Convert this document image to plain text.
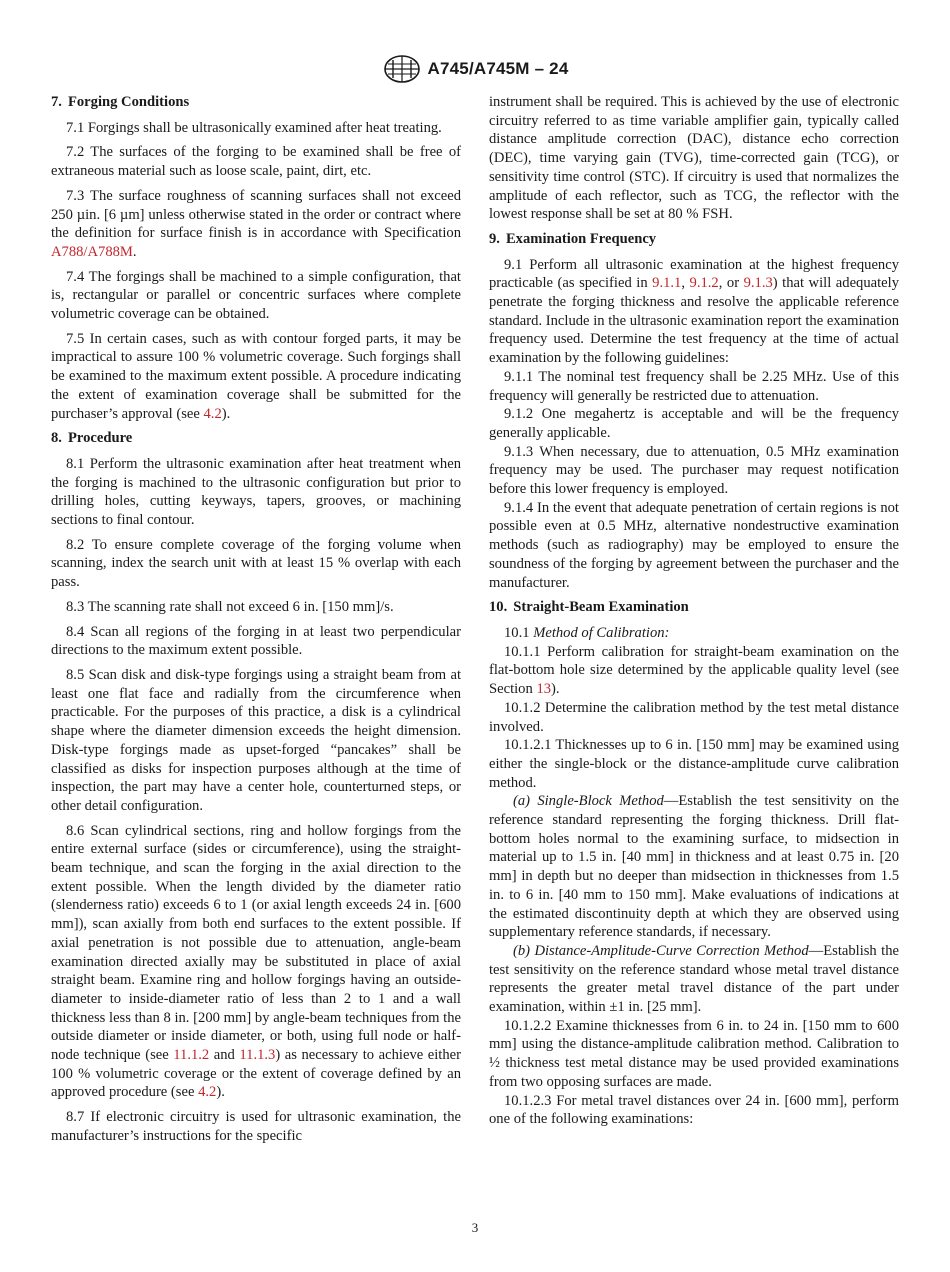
A745/A745M – 24
7. Forging Conditions

7.1 Forgings shall be ultrasonically examined after heat treating.

7.2 The surfaces of the forging to be examined shall be free of extraneous material such as loose scale, paint, dirt, etc.

7.3 The surface roughness of scanning surfaces shall not exceed 250 µin. [6 µm] unless otherwise stated in the order or contract where the definition for surface finish is in accordance with Specification A788/A788M.

7.4 The forgings shall be machined to a simple configuration, that is, rectangular or parallel or concentric surfaces where complete volumetric coverage can be obtained.

7.5 In certain cases, such as with contour forged parts, it may be impractical to assure 100 % volumetric coverage. Such forgings shall be examined to the maximum extent possible. A procedure indicating the extent of examination coverage shall be submitted for the purchaser’s approval (see 4.2).

8. Procedure

8.1 Perform the ultrasonic examination after heat treatment when the forging is machined to the ultrasonic configuration but prior to drilling holes, cutting keyways, tapers, grooves, or machining sections to final contour.

8.2 To ensure complete coverage of the forging volume when scanning, index the search unit with at least 15 % overlap with each pass.

8.3 The scanning rate shall not exceed 6 in. [150 mm]/s.

8.4 Scan all regions of the forging in at least two perpendicular directions to the maximum extent possible.

8.5 Scan disk and disk-type forgings using a straight beam from at least one flat face and radially from the circumference when practicable. For the purposes of this practice, a disk is a cylindrical shape where the diameter dimension exceeds the height dimension. Disk-type forgings made as upset-forged “pancakes” shall be classified as disks for inspection purposes although at the time of inspection, the part may have a center hole, counterturned steps, or other detail configuration.

8.6 Scan cylindrical sections, ring and hollow forgings from the entire external surface (sides or circumference), using the straight-beam technique, and scan the forging in the axial direction to the extent possible. When the length divided by the diameter ratio (slenderness ratio) exceeds 6 to 1 (or axial length exceeds 24 in. [600 mm]), scan axially from both end surfaces to the extent possible. If axial penetration is not possible due to attenuation, angle-beam examination directed axially may be substituted in place of axial straight beam. Examine ring and hollow forgings having an outside-diameter to inside-diameter ratio of less than 2 to 1 and a wall thickness less than 8 in. [200 mm] by angle-beam techniques from the outside diameter or inside diameter, or both, using full node or half-node technique (see 11.1.2 and 11.1.3) as necessary to achieve either 100 % volumetric coverage or the extent of coverage defined by an approved procedure (see 4.2).

8.7 If electronic circuitry is used for ultrasonic examination, the manufacturer’s instructions for the specific

instrument shall be required. This is achieved by the use of electronic circuitry referred to as time variable amplifier gain, typically called distance amplitude correction (DAC), distance echo correction (DEC), time varying gain (TVG), time-corrected gain (TCG), or sensitivity time control (STC). If circuitry is used that normalizes the amplitude of each reflector, such as TCG, the reflector with the lowest response shall be set at 80 % FSH.

9. Examination Frequency

9.1 Perform all ultrasonic examination at the highest frequency practicable (as specified in 9.1.1, 9.1.2, or 9.1.3) that will adequately penetrate the forging thickness and resolve the applicable reference standard. Include in the ultrasonic examination report the examination frequency used. Determine the test frequency at the time of actual examination by the following guidelines:

9.1.1 The nominal test frequency shall be 2.25 MHz. Use of this frequency will generally be restricted due to attenuation.

9.1.2 One megahertz is acceptable and will be the frequency generally applicable.

9.1.3 When necessary, due to attenuation, 0.5 MHz examination frequency may be used. The purchaser may request notification before this lower frequency is employed.

9.1.4 In the event that adequate penetration of certain regions is not possible even at 0.5 MHz, alternative nondestructive examination methods (such as radiography) may be employed to ensure the soundness of the forging by agreement between the purchaser and the manufacturer.

10. Straight-Beam Examination

10.1 Method of Calibration:

10.1.1 Perform calibration for straight-beam examination on the flat-bottom hole size determined by the applicable quality level (see Section 13).

10.1.2 Determine the calibration method by the test metal distance involved.

10.1.2.1 Thicknesses up to 6 in. [150 mm] may be examined using either the single-block or the distance-amplitude curve calibration method.

(a) Single-Block Method—Establish the test sensitivity on the reference standard representing the forging thickness. Drill flat-bottom holes normal to the examining surface, to midsection in material up to 1.5 in. [40 mm] in thickness and at least 0.75 in. [20 mm] in depth but no deeper than midsection in thicknesses from 1.5 in. to 6 in. [40 mm to 150 mm]. Make evaluations of indications at the estimated discontinuity depth at which they are observed using supplementary reference standards, if necessary.

(b) Distance-Amplitude-Curve Correction Method—Establish the test sensitivity on the reference standard whose metal travel distance represents the greater metal travel distance of the part under examination, within ±1 in. [25 mm].

10.1.2.2 Examine thicknesses from 6 in. to 24 in. [150 mm to 600 mm] using the distance-amplitude calibration method. Calibration to ½ thickness test metal distance may be used provided examinations from two opposing surfaces are made.

10.1.2.3 For metal travel distances over 24 in. [600 mm], perform one of the following examinations:

3
